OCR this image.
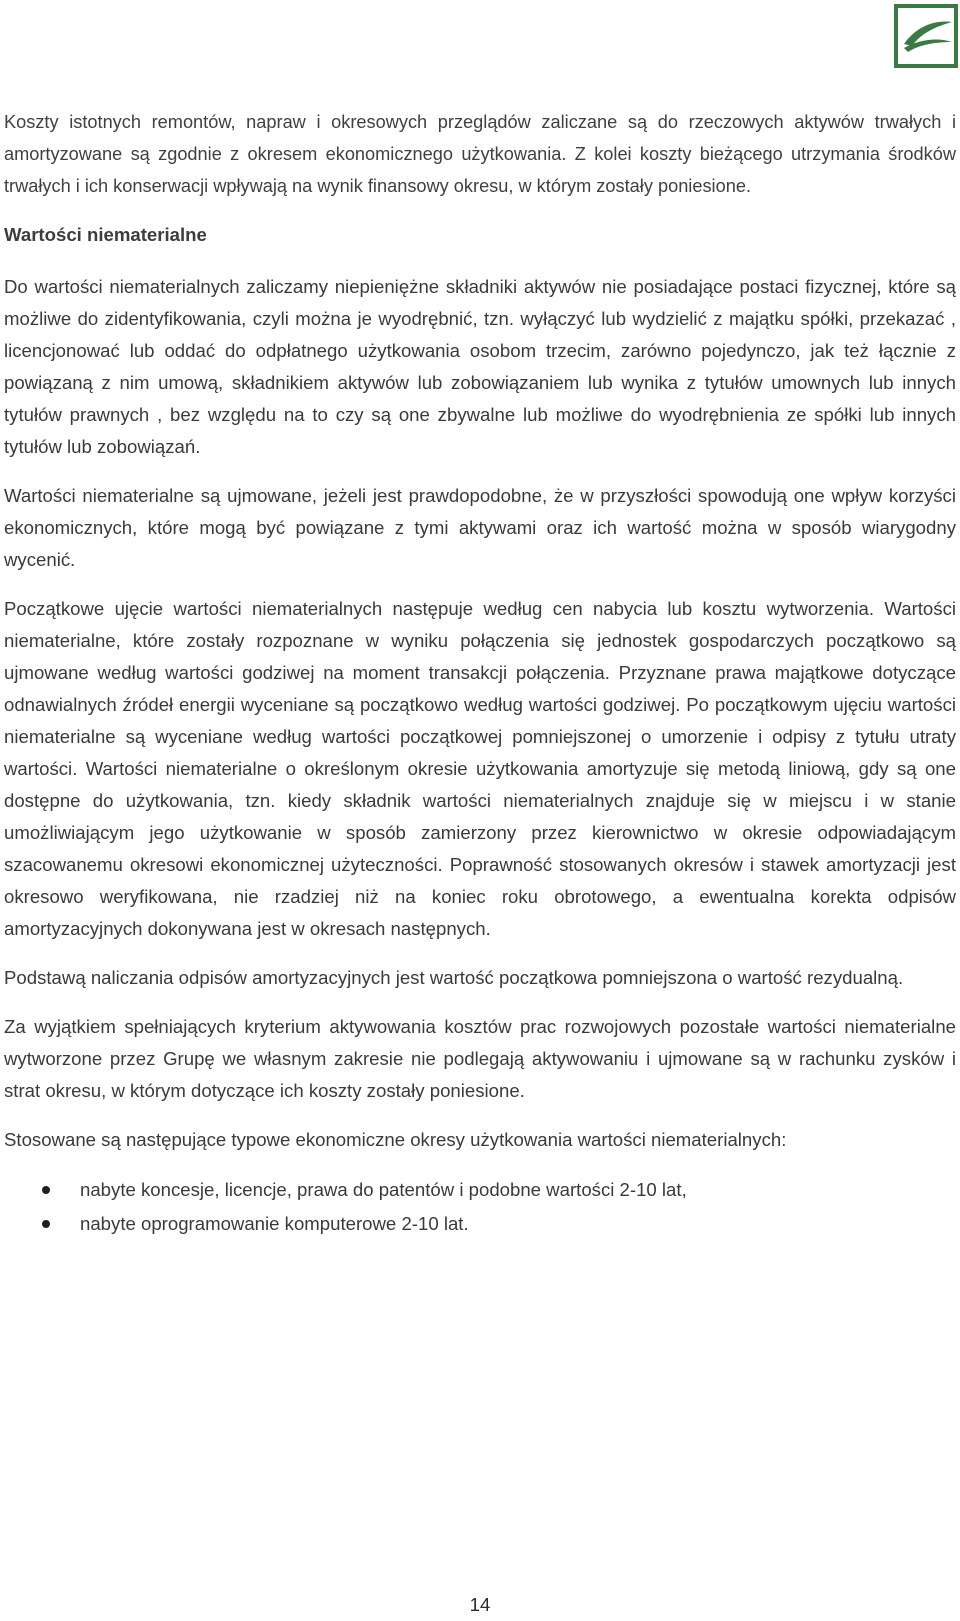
Koszty istotnych remontów, napraw i okresowych przeglądów zaliczane są do rzeczowych aktywów trwałych i amortyzowane są zgodnie z okresem ekonomicznego użytkowania. Z kolei koszty bieżącego utrzymania środków trwałych i ich konserwacji wpływają na wynik finansowy okresu, w którym zostały poniesione.

Wartości niematerialne

Do wartości niematerialnych zaliczamy niepieniężne składniki aktywów nie posiadające postaci fizycznej, które są możliwe do zidentyfikowania, czyli można je wyodrębnić, tzn. wyłączyć lub wydzielić z majątku spółki, przekazać , licencjonować lub oddać do odpłatnego użytkowania osobom trzecim, zarówno pojedynczo, jak też łącznie z powiązaną z nim umową, składnikiem aktywów lub zobowiązaniem lub wynika z tytułów umownych lub innych tytułów prawnych , bez względu na to czy są one zbywalne lub możliwe do wyodrębnienia ze spółki lub innych tytułów lub zobowiązań.

Wartości niematerialne są ujmowane, jeżeli jest prawdopodobne, że w przyszłości spowodują one wpływ korzyści ekonomicznych, które mogą być powiązane z tymi aktywami oraz ich wartość można w sposób wiarygodny wycenić.

Początkowe ujęcie wartości niematerialnych następuje według cen nabycia lub kosztu wytworzenia. Wartości niematerialne, które zostały rozpoznane w wyniku połączenia się jednostek gospodarczych początkowo są ujmowane według wartości godziwej na moment transakcji połączenia. Przyznane prawa majątkowe dotyczące odnawialnych źródeł energii wyceniane są początkowo według wartości godziwej. Po początkowym ujęciu wartości niematerialne są wyceniane według wartości początkowej pomniejszonej o umorzenie i odpisy z tytułu utraty wartości. Wartości niematerialne o określonym okresie użytkowania amortyzuje się metodą liniową, gdy są one dostępne do użytkowania, tzn. kiedy składnik wartości niematerialnych znajduje się w miejscu i w stanie umożliwiającym jego użytkowanie w sposób zamierzony przez kierownictwo w okresie odpowiadającym szacowanemu okresowi ekonomicznej użyteczności. Poprawność stosowanych okresów i stawek amortyzacji jest okresowo weryfikowana, nie rzadziej niż na koniec roku obrotowego, a ewentualna korekta odpisów amortyzacyjnych dokonywana jest w okresach następnych.

Podstawą naliczania odpisów amortyzacyjnych jest wartość początkowa pomniejszona o wartość rezydualną.

Za wyjątkiem spełniających kryterium aktywowania kosztów prac rozwojowych pozostałe wartości niematerialne wytworzone przez Grupę we własnym zakresie nie podlegają aktywowaniu i ujmowane są w rachunku zysków i strat okresu, w którym dotyczące ich koszty zostały poniesione.

Stosowane są następujące typowe ekonomiczne okresy użytkowania wartości niematerialnych:

nabyte koncesje, licencje, prawa do patentów i podobne wartości 2-10 lat,
nabyte oprogramowanie komputerowe 2-10 lat.
14
